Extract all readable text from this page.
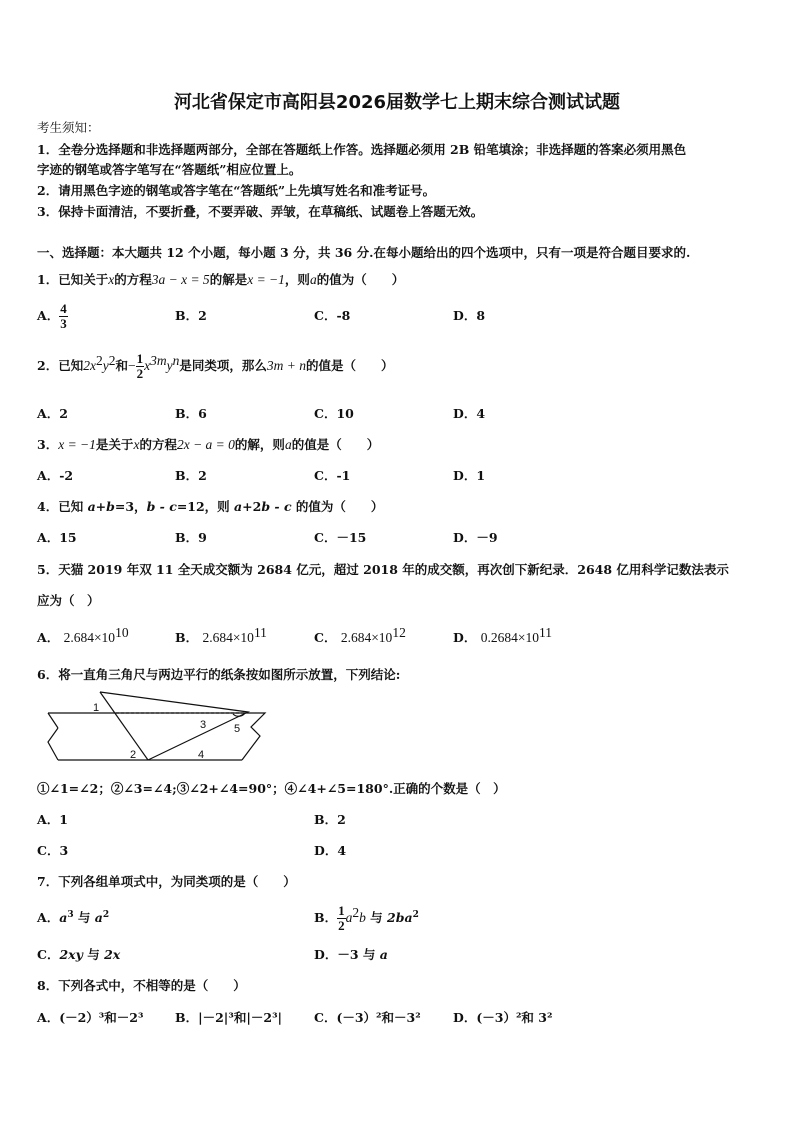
河北省保定市高阳县2026届数学七上期末综合测试试题
考生须知：
1．全卷分选择题和非选择题两部分，全部在答题纸上作答。选择题必须用 2B 铅笔填涂；非选择题的答案必须用黑色
字迹的钢笔或答字笔写在“答题纸”相应位置上。
2．请用黑色字迹的钢笔或答字笔在“答题纸”上先填写姓名和准考证号。
3．保持卡面清洁，不要折叠，不要弄破、弄皱，在草稿纸、试题卷上答题无效。
一、选择题：本大题共 12 个小题，每小题 3 分，共 36 分.在每小题给出的四个选项中，只有一项是符合题目要求的.
1．已知关于x的方程3a − x = 5的解是x = −1，则a的值为（　　）
A． $\frac{4}{3}$	B．2	C．-8	D．8
2．已知$2x^2y^2$和− $\frac{1}{2} x^{3m}y^n$是同类项，那么3m + n的值是（　　）
A．2	B．6	C．10	D．4
3．x = −1是关于x的方程2x − a = 0的解，则a的值是（　　）
A．-2	B．2	C．-1	D．1
4．已知 a+b=3，b - c=12，则 a+2b - c 的值为（　　）
A．15	B．9	C．－15	D．－9
5．天猫 2019 年双 11 全天成交额为 2684 亿元，超过 2018 年的成交额，再次创下新纪录．2648 亿用科学记数法表示
应为（　）
A． $2.684\times 10^{10}$	B． $2.684\times 10^{11}$	C． $2.684\times 10^{12}$	D． $0.2684\times 10^{11}$
6．将一直角三角尺与两边平行的纸条按如图所示放置，下列结论:
1
2
3
4
5
①∠1=∠2；②∠3=∠4;③∠2+∠4=90°；④∠4+∠5=180°.正确的个数是（　）
A．1	B．2
C．3	D．4
7．下列各组单项式中，为同类项的是（　　）
A．$a^3$ 与 $a^2$	B． $\frac{1}{2} a^2b$ 与 $2ba^2$
C．2xy 与 2x	D．－3 与 a
8．下列各式中，不相等的是（　　）
A．(－2）³和－2³	B．|－2|³和|－2³|	C．(－3）²和－3²	D．(－3）²和 3²
